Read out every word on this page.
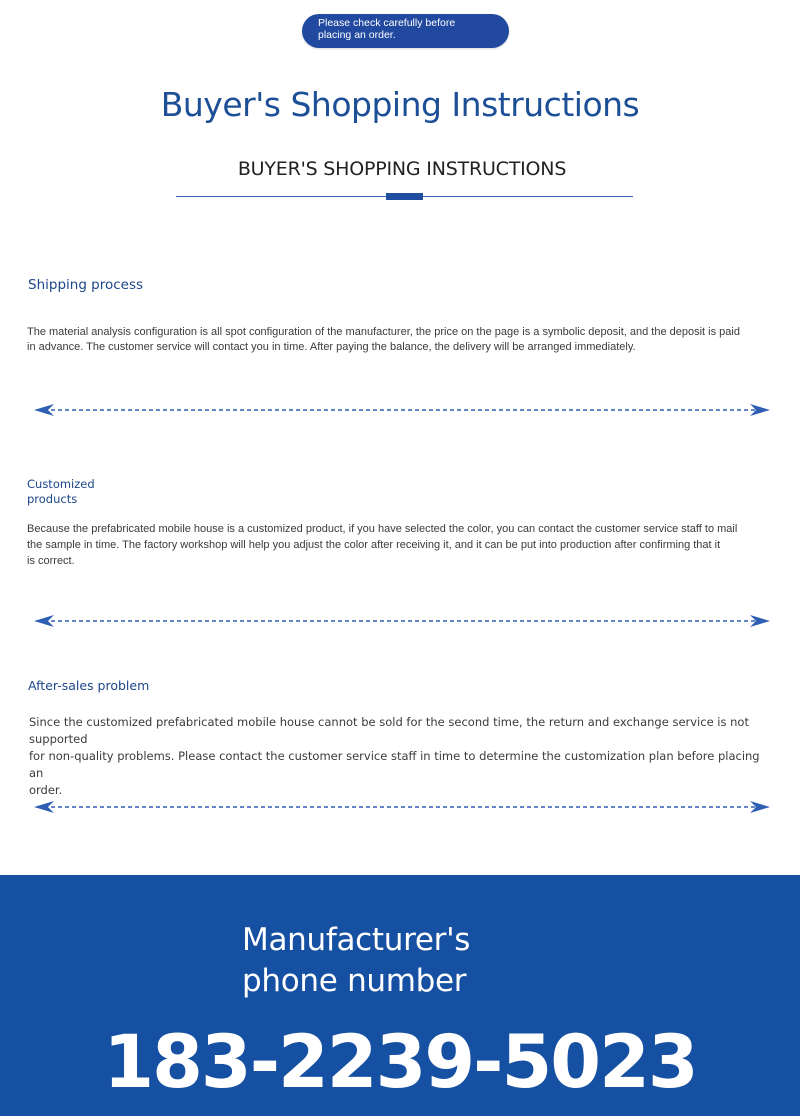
Please check carefully before
placing an order.
Buyer's Shopping Instructions
BUYER'S SHOPPING INSTRUCTIONS
Shipping process
The material analysis configuration is all spot configuration of the manufacturer, the price on the page is a symbolic deposit, and the deposit is paid
in advance. The customer service will contact you in time. After paying the balance, the delivery will be arranged immediately.
Customized
products
Because the prefabricated mobile house is a customized product, if you have selected the color, you can contact the customer service staff to mail
the sample in time. The factory workshop will help you adjust the color after receiving it, and it can be put into production after confirming that it
is correct.
After-sales problem
Since the customized prefabricated mobile house cannot be sold for the second time, the return and exchange service is not supported
for non-quality problems. Please contact the customer service staff in time to determine the customization plan before placing an
order.
Manufacturer's
phone number
183-2239-5023
